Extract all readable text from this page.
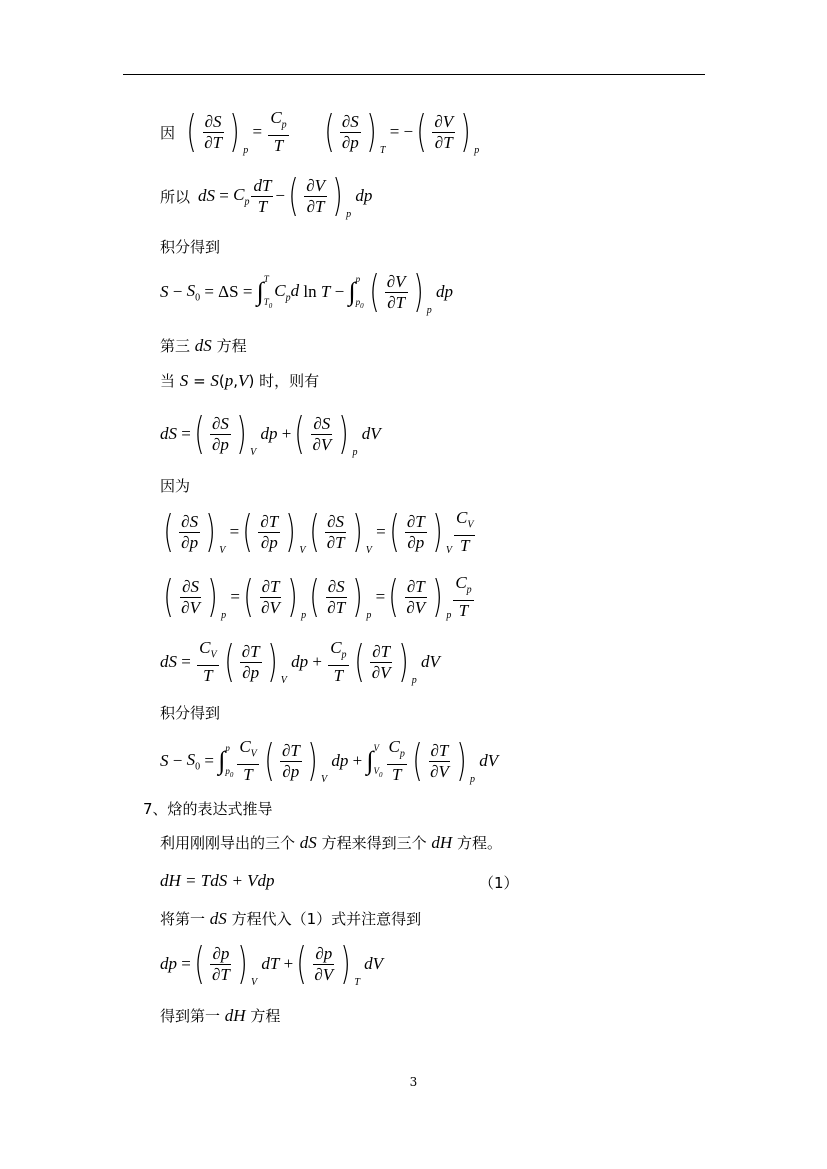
因 ( $\frac{\partial S}{\partial T}$ ) p
= $\frac{C_p}{T}$ ( $\frac{\partial S}{\partial p}$ ) T
= − ( $\frac{\partial V}{\partial T}$ ) p
所以 dS = $C_p \frac{dT}{T}$ − ( $\frac{\partial V}{\partial T}$ ) p
dp
积分得到
$S - S_0 = \Delta S$ = ∫ T
$T_0$
$C_pd$ ln T − ∫ p
$p_0$ ( $\frac{\partial V}{\partial T}$ ) p
dp
第三 dS 方程
当 S = S(p,V) 时，则有
dS = ( $\frac{\partial S}{\partial p}$ ) V
dp + ( $\frac{\partial S}{\partial V}$ ) p
dV
因为
( $\frac{\partial S}{\partial p}$ ) V
= ( $\frac{\partial T}{\partial p}$ ) V ( $\frac{\partial S}{\partial T}$ ) V
= ( $\frac{\partial T}{\partial p}$ ) V $\frac{C_V}{T}$
( $\frac{\partial S}{\partial V}$ ) p
= ( $\frac{\partial T}{\partial V}$ ) p ( $\frac{\partial S}{\partial T}$ ) p
= ( $\frac{\partial T}{\partial V}$ ) p $\frac{C_p}{T}$
dS = $\frac{C_V}{T}$ ( $\frac{\partial T}{\partial p}$ ) V
dp + $\frac{C_p}{T}$ ( $\frac{\partial T}{\partial V}$ ) p
dV
积分得到
$S - S_0$ = ∫ p
$p_0 \frac{C_V}{T}$ ( $\frac{\partial T}{\partial p}$ ) V
dp + ∫ V
$V_0 \frac{C_p}{T}$ ( $\frac{\partial T}{\partial V}$ ) p
dV
7、焓的表达式推导
利用刚刚导出的三个 dS 方程来得到三个 dH 方程。
dH = TdS + Vdp	（1）
将第一 dS 方程代入（1）式并注意得到
dp = ( $\frac{\partial p}{\partial T}$ ) V
dT + ( $\frac{\partial p}{\partial V}$ ) T
dV
得到第一 dH 方程
3
